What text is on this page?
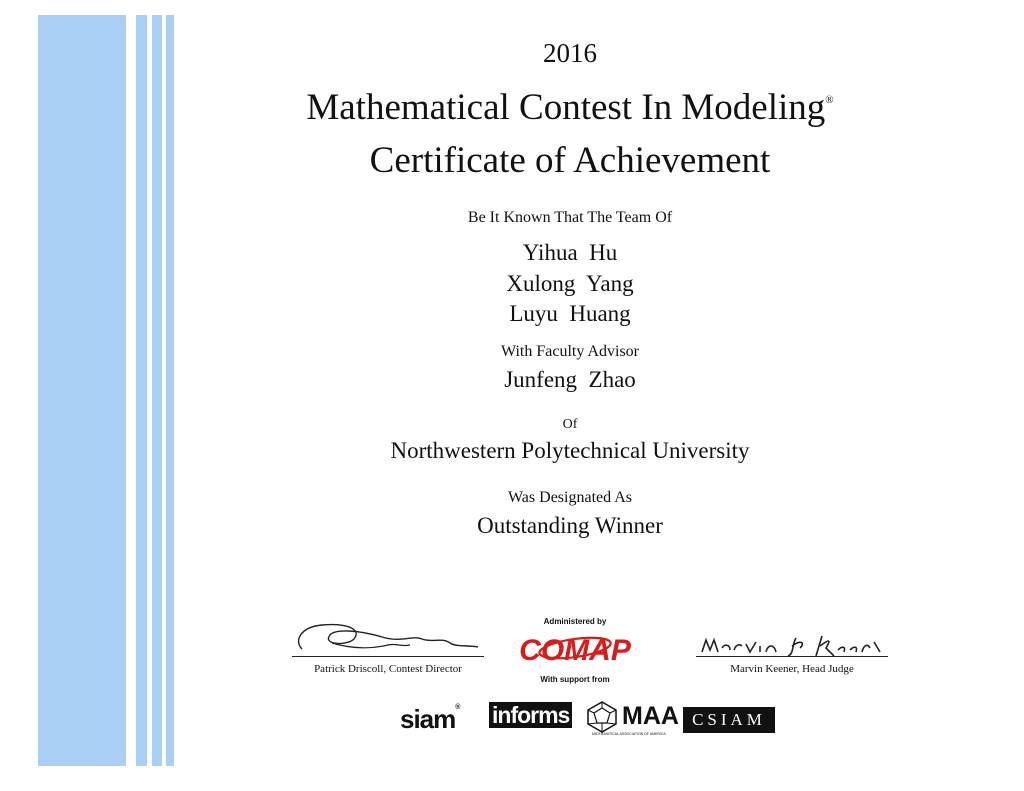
2016
Mathematical Contest In Modeling®
Certificate of Achievement
Be It Known That The Team Of
Yihua  Hu
Xulong  Yang
Luyu  Huang
With Faculty Advisor
Junfeng  Zhao
Of
Northwestern Polytechnical University
Was Designated As
Outstanding Winner
Patrick Driscoll, Contest Director	Marvin Keener, Head Judge
Administered by
COMAP
With support from
siam® informs MAA
MATHEMATICAL ASSOCIATION OF AMERICA
CSIAM
